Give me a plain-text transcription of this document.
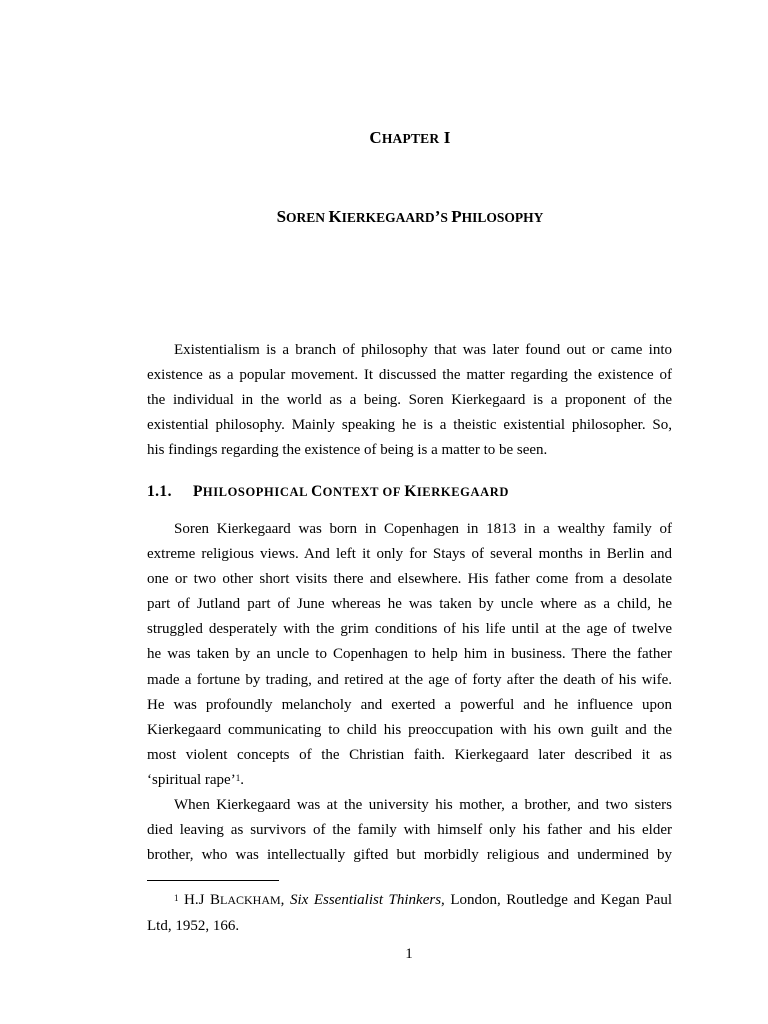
CHAPTER I
SOREN KIERKEGAARD’S PHILOSOPHY
Existentialism is a branch of philosophy that was later found out or came into
existence as a popular movement. It discussed the matter regarding the existence of
the individual in the world as a being. Soren Kierkegaard is a proponent of the
existential philosophy. Mainly speaking he is a theistic existential philosopher. So,
his findings regarding the existence of being is a matter to be seen.
1.1. PHILOSOPHICAL CONTEXT OF KIERKEGAARD
Soren Kierkegaard was born in Copenhagen in 1813 in a wealthy family of
extreme religious views. And left it only for Stays of several months in Berlin and
one or two other short visits there and elsewhere. His father come from a desolate
part of Jutland part of June whereas he was taken by uncle where as a child, he
struggled desperately with the grim conditions of his life until at the age of twelve
he was taken by an uncle to Copenhagen to help him in business. There the father
made a fortune by trading, and retired at the age of forty after the death of his wife.
He was profoundly melancholy and exerted a powerful and he influence upon
Kierkegaard communicating to child his preoccupation with his own guilt and the
most violent concepts of the Christian faith. Kierkegaard later described it as
‘spiritual rape’$^1$.
When Kierkegaard was at the university his mother, a brother, and two sisters
died leaving as survivors of the family with himself only his father and his elder
brother, who was intellectually gifted but morbidly religious and undermined by
$^1$ H.J BLACKHAM, Six Essentialist Thinkers, London, Routledge and Kegan Paul
Ltd, 1952, 166.
1
